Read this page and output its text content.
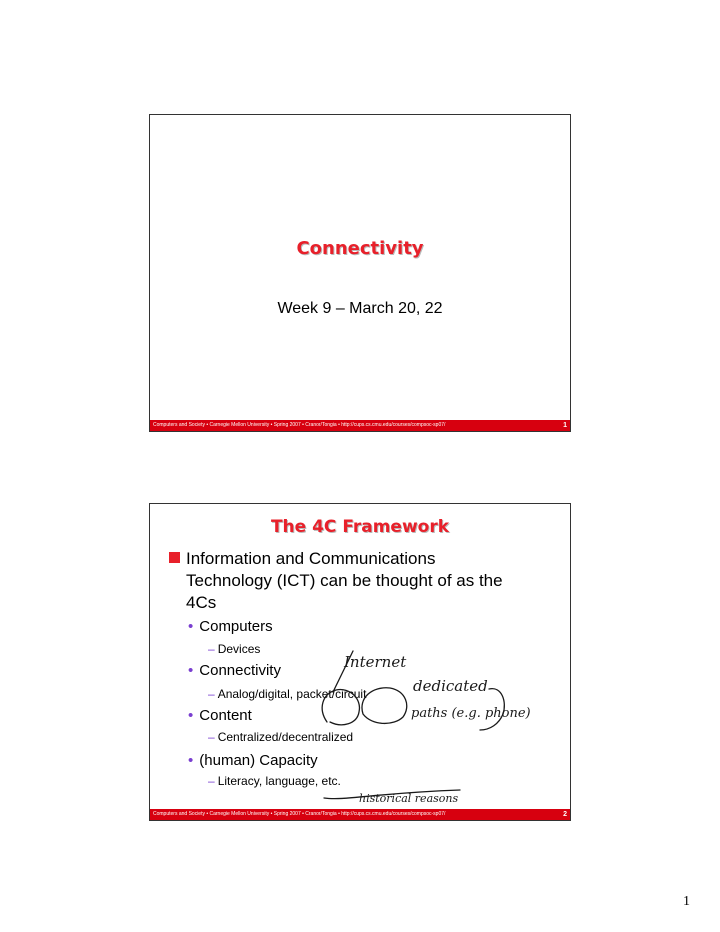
Connectivity
Week 9 – March 20, 22
Computers and Society • Carnegie Mellon University • Spring 2007 • Cranor/Tongia • http://cups.cs.cmu.edu/courses/compsoc-sp07/	1
The 4C Framework
Information and Communications Technology (ICT) can be thought of as the 4Cs
• Computers
– Devices
• Connectivity
– Analog/digital, packet/circuit
• Content
– Centralized/decentralized
• (human) Capacity
– Literacy, language, etc.
Internet
dedicated
paths (e.g. phone)
historical reasons
Computers and Society • Carnegie Mellon University • Spring 2007 • Cranor/Tongia • http://cups.cs.cmu.edu/courses/compsoc-sp07/	2
1
